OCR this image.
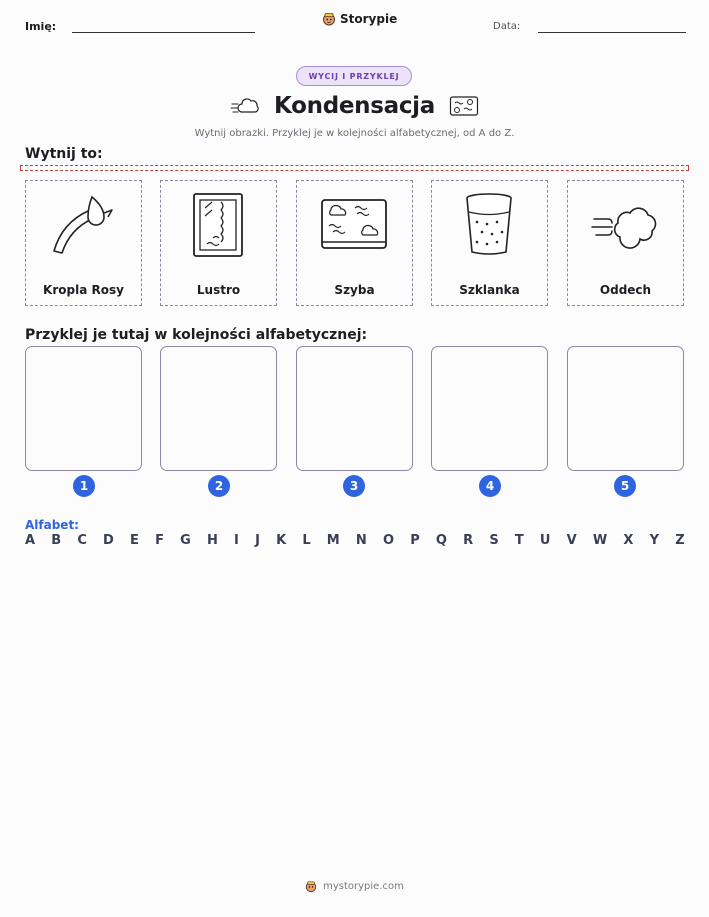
Imię:
Storypie
Data:
WYCIJ I PRZYKLEJ
Kondensacja
Wytnij obrazki. Przyklej je w kolejności alfabetycznej, od A do Z.
Wytnij to:
Kropla Rosy	Lustro	Szyba	Szklanka	Oddech
Przyklej je tutaj w kolejności alfabetycznej:
1	2	3	4	5
Alfabet:
A B C D E F G H I J K L M N O P Q R S T U V W X Y Z
mystorypie.com
